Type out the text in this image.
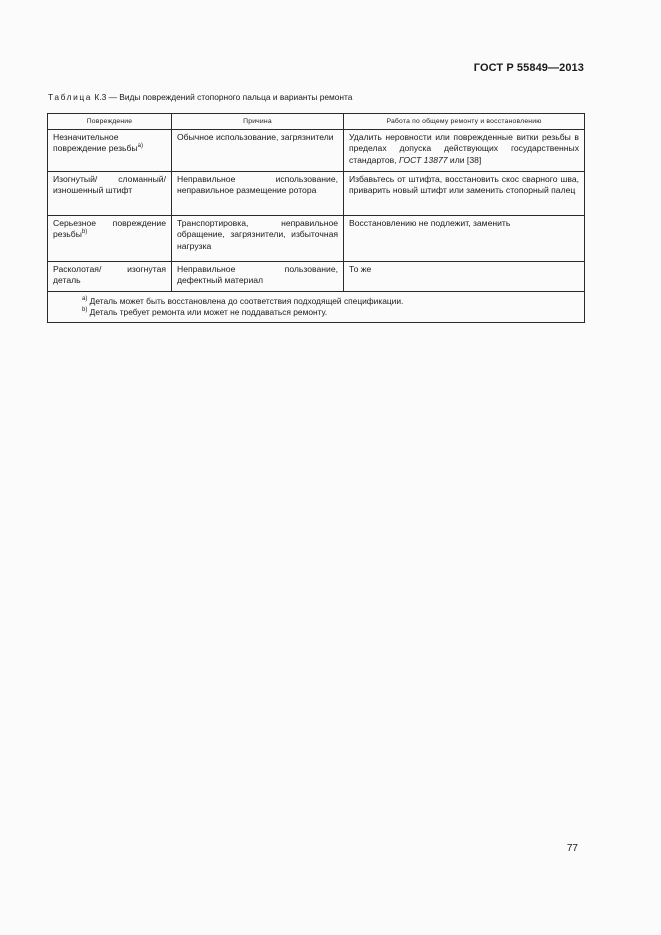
ГОСТ Р 55849—2013
Таблица К.3 — Виды повреждений стопорного пальца и варианты ремонта
Повреждение	Причина	Работа по общему ремонту и восстановлению
Незначительное повреждение резьбы$^{а)}$	Обычное использование, загрязнители	Удалить неровности или поврежденные витки резьбы в пределах допуска действующих государственных стандартов, ГОСТ 13877 или [38]
Изогнутый/ сломанный/ изношенный штифт	Неправильное использование, неправильное размещение ротора	Избавьтесь от штифта, восстановить скос сварного шва, приварить новый штифт или заменить стопорный палец
Серьезное повреждение резьбы$^{b)}$	Транспортировка, неправильное обращение, загрязнители, избыточная нагрузка	Восстановлению не подлежит, заменить
Расколотая/ изогнутая деталь	Неправильное пользование, дефектный материал	То же

$^{а)}$ Деталь может быть восстановлена до соответствия подходящей спецификации.
$^{b)}$ Деталь требует ремонта или может не поддаваться ремонту.		
77
